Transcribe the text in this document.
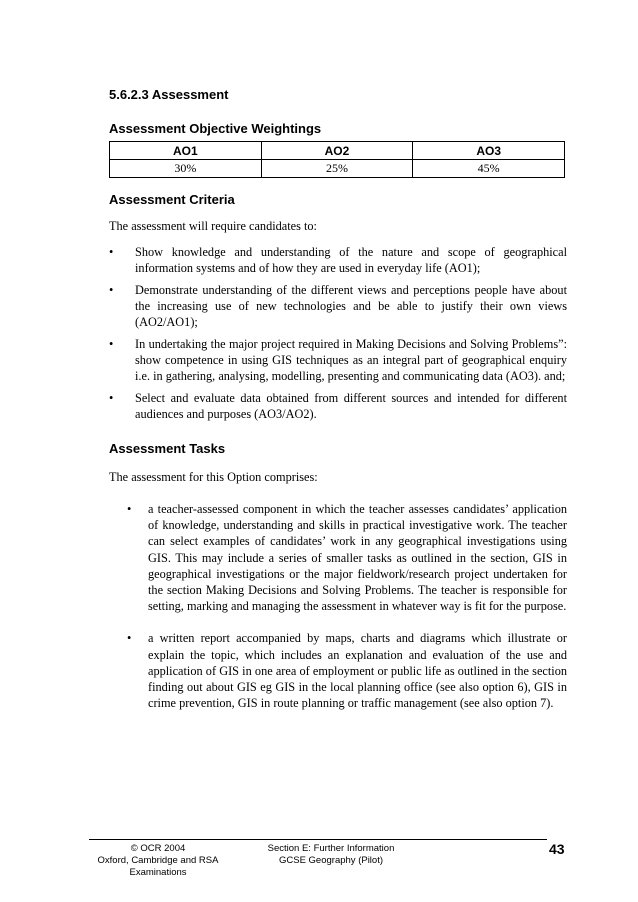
5.6.2.3 Assessment
Assessment Objective Weightings
AO1	AO2	AO3
30%	25%	45%
Assessment Criteria
The assessment will require candidates to:
• Show knowledge and understanding of the nature and scope of geographical information systems and of how they are used in everyday life (AO1);
• Demonstrate understanding of the different views and perceptions people have about the increasing use of new technologies and be able to justify their own views (AO2/AO1);
• In undertaking the major project required in Making Decisions and Solving Problems”: show competence in using GIS techniques as an integral part of geographical enquiry i.e. in gathering, analysing, modelling, presenting and communicating data (AO3). and;
• Select and evaluate data obtained from different sources and intended for different audiences and purposes (AO3/AO2).
Assessment Tasks
The assessment for this Option comprises:
• a teacher-assessed component in which the teacher assesses candidates’ application of knowledge, understanding and skills in practical investigative work. The teacher can select examples of candidates’ work in any geographical investigations using GIS. This may include a series of smaller tasks as outlined in the section, GIS in geographical investigations or the major fieldwork/research project undertaken for the section Making Decisions and Solving Problems. The teacher is responsible for setting, marking and managing the assessment in whatever way is fit for the purpose.
• a written report accompanied by maps, charts and diagrams which illustrate or explain the topic, which includes an explanation and evaluation of the use and application of GIS in one area of employment or public life as outlined in the section finding out about GIS eg GIS in the local planning office (see also option 6), GIS in crime prevention, GIS in route planning or traffic management (see also option 7).
© OCR 2004
Oxford, Cambridge and RSA Examinations
Section E: Further Information
GCSE Geography (Pilot)
43
